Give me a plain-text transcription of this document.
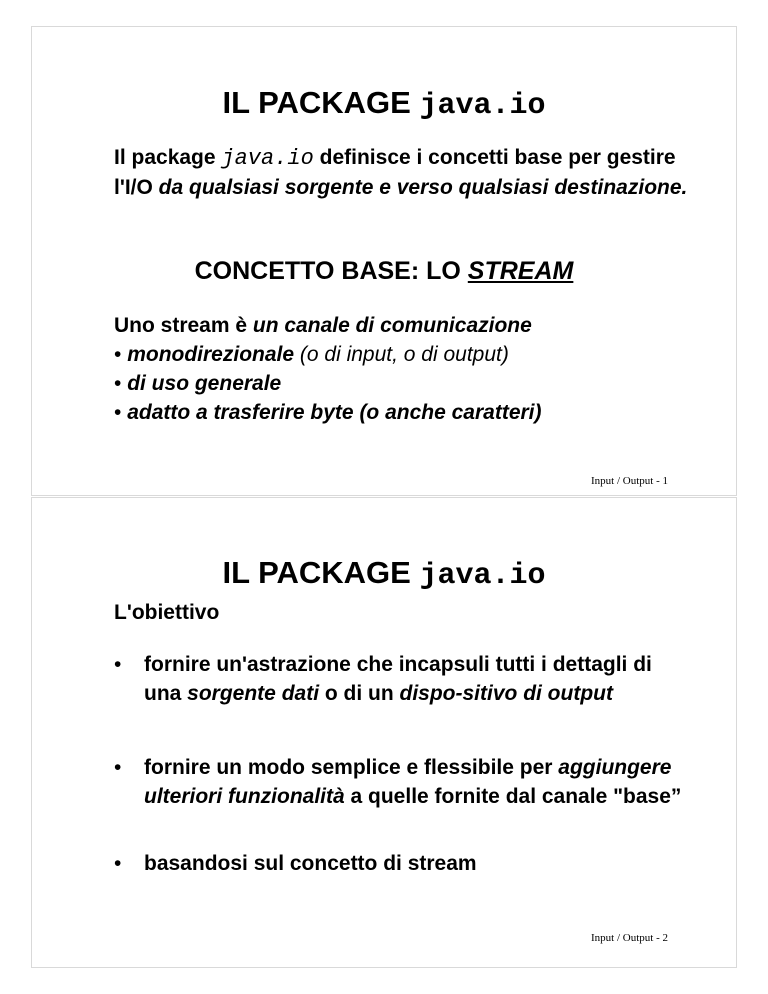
IL PACKAGE java.io
Il package java.io definisce i concetti base per gestire l'I/O da qualsiasi sorgente e verso qualsiasi destinazione.
CONCETTO BASE: LO STREAM
Uno stream è un canale di comunicazione
• monodirezionale (o di input, o di output)
• di uso generale
• adatto a trasferire byte (o anche caratteri)
Input / Output - 1
IL PACKAGE java.io
L'obiettivo
• fornire un'astrazione che incapsuli tutti i dettagli di una sorgente dati o di un dispo-sitivo di output
• fornire un modo semplice e flessibile per aggiungere ulteriori funzionalità a quelle fornite dal canale "base”
• basandosi sul concetto di stream
Input / Output - 2
